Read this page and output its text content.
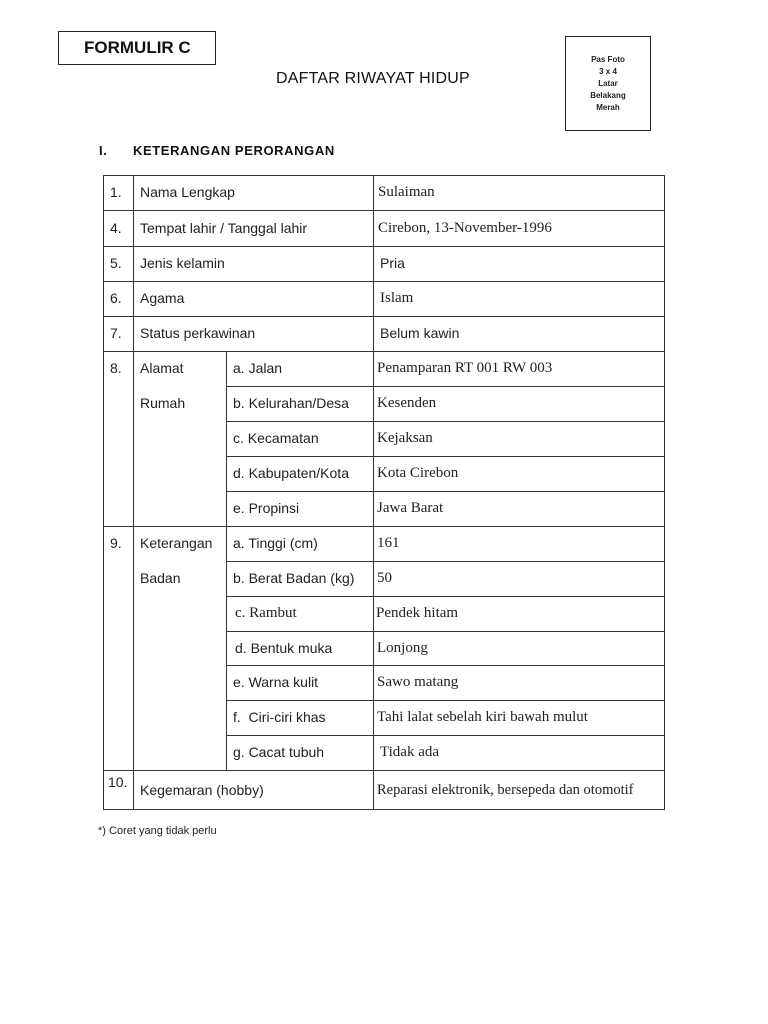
FORMULIR C
DAFTAR RIWAYAT HIDUP
Pas Foto
3 x 4
Latar
Belakang
Merah
I. KETERANGAN PERORANGAN
1. Nama Lengkap	Sulaiman
4. Tempat lahir / Tanggal lahir	Cirebon, 13-November-1996
5. Jenis kelamin	Pria
6. Agama	Islam
7. Status perkawinan	Belum kawin
8. Alamat
Rumah
a. Jalan	Penamparan RT 001 RW 003
b. Kelurahan/Desa Kesenden
c. Kecamatan	Kejaksan
d. Kabupaten/Kota Kota Cirebon
e. Propinsi	Jawa Barat
9. Keterangan
Badan
a. Tinggi (cm)	161
b. Berat Badan (kg) 50
c. Rambut	Pendek hitam
d. Bentuk muka	Lonjong
e. Warna kulit	Sawo matang
f.  Ciri-ciri khas	Tahi lalat sebelah kiri bawah mulut
g. Cacat tubuh	Tidak ada
10. Kegemaran (hobby)	Reparasi elektronik, bersepeda dan otomotif
*) Coret yang tidak perlu
